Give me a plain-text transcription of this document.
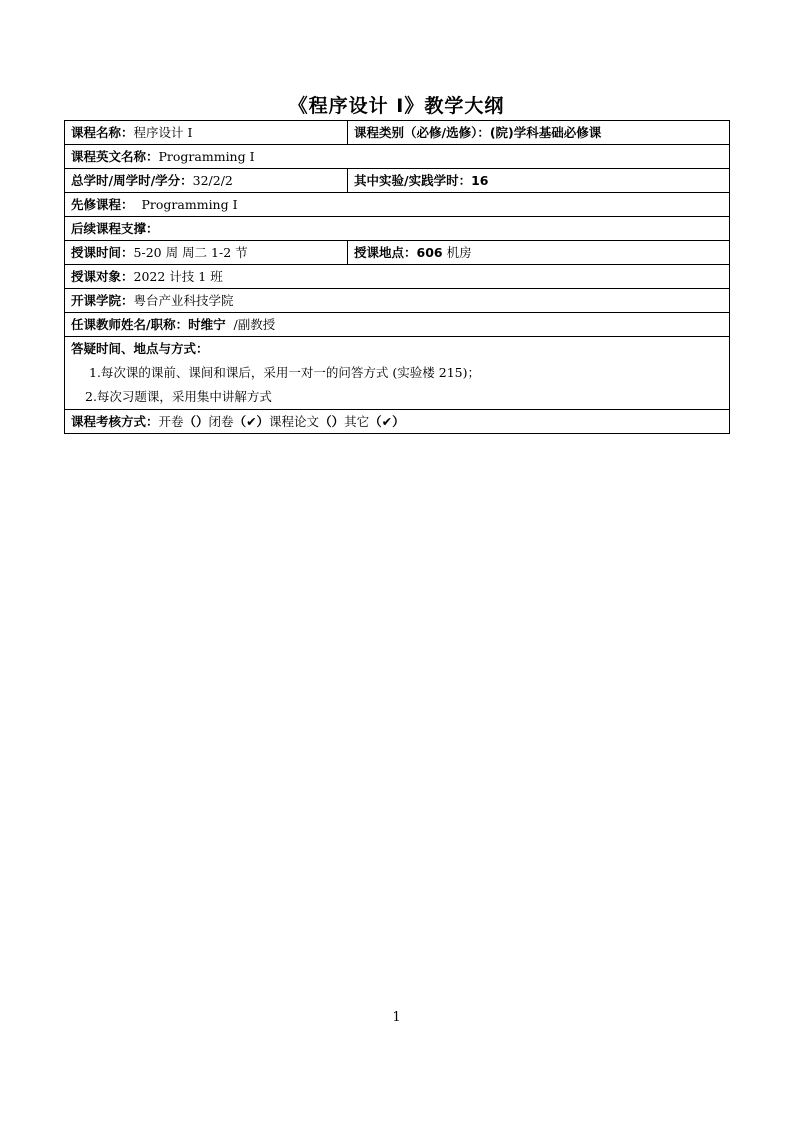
《程序设计 I》教学大纲
课程名称：程序设计 I	课程类别（必修/选修）：(院)学科基础必修课
课程英文名称：Programming I	
总学时/周学时/学分：32/2/2	其中实验/实践学时：16
先修课程： Programming I	
后续课程支撑：	
授课时间：5-20 周 周二 1-2 节	授课地点：606 机房
授课对象：2022 计技 1 班	
开课学院：粤台产业科技学院	
任课教师姓名/职称：时维宁  /副教授	

答疑时间、地点与方式：
1.每次课的课前、课间和课后，采用一对一的问答方式 (实验楼 215)；
2.每次习题课，采用集中讲解方式	

课程考核方式：开卷（）闭卷（✔）课程论文（）其它（✔）	
1
